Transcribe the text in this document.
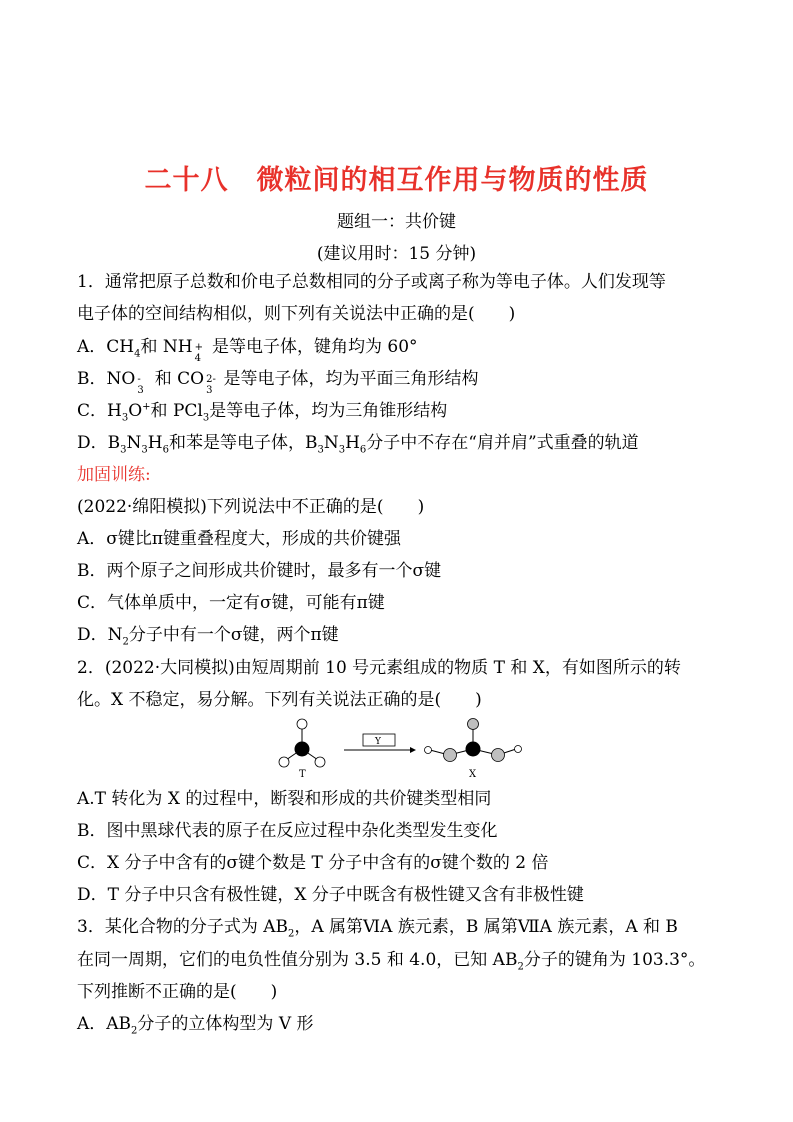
二十八　微粒间的相互作用与物质的性质
题组一：共价键
(建议用时：15 分钟)
1．通常把原子总数和价电子总数相同的分子或离子称为等电子体。人们发现等
电子体的空间结构相似，则下列有关说法中正确的是(　　)
A．$CH_4$和 NH +
4
是等电子体，键角均为 60°
B．NO -
3
和 CO 2-
3
是等电子体，均为平面三角形结构
C．$H_3O^+$和 PCl$_3$是等电子体，均为三角锥形结构
D．$B_3N_3H_6$和苯是等电子体，$B_3N_3H_6$分子中不存在“肩并肩”式重叠的轨道
加固训练:
(2022·绵阳模拟)下列说法中不正确的是(　　)
A．σ键比π键重叠程度大，形成的共价键强
B．两个原子之间形成共价键时，最多有一个σ键
C．气体单质中，一定有σ键，可能有π键
D．$N_2$分子中有一个σ键，两个π键
2．(2022·大同模拟)由短周期前 10 号元素组成的物质 T 和 X，有如图所示的转
化。X 不稳定，易分解。下列有关说法正确的是(　　)
T
Y
X
A.T 转化为 X 的过程中，断裂和形成的共价键类型相同
B．图中黑球代表的原子在反应过程中杂化类型发生变化
C．X 分子中含有的σ键个数是 T 分子中含有的σ键个数的 2 倍
D．T 分子中只含有极性键，X 分子中既含有极性键又含有非极性键
3．某化合物的分子式为 $AB_2$，A 属第ⅥA 族元素，B 属第ⅦA 族元素，A 和 B
在同一周期，它们的电负性值分别为 3.5 和 4.0，已知 $AB_2$分子的键角为 103.3°。
下列推断不正确的是(　　)
A．$AB_2$分子的立体构型为 V 形
